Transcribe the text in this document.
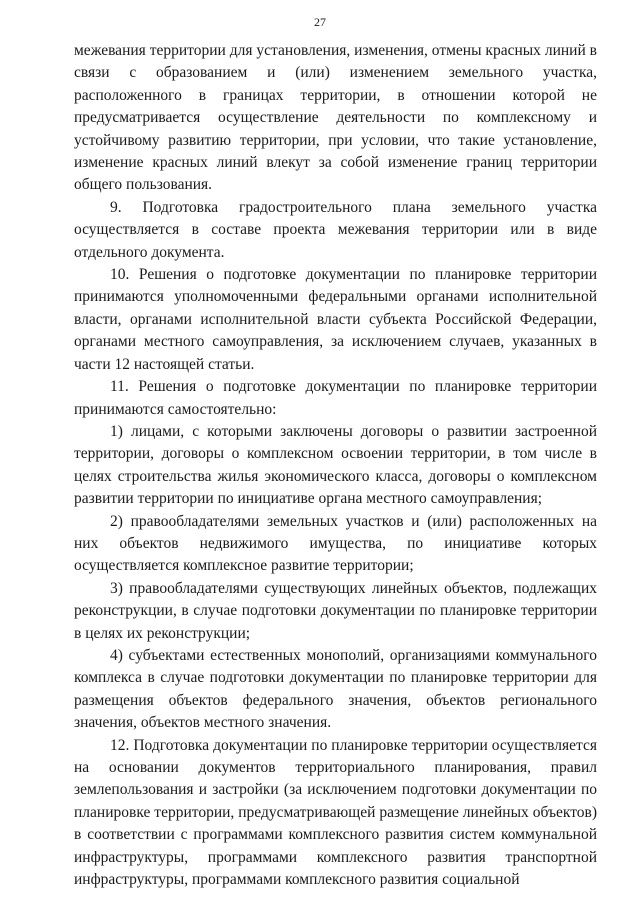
27

межевания территории для установления, изменения, отмены красных линий в связи с образованием и (или) изменением земельного участка, расположенного в границах территории, в отношении которой не предусматривается осуществление деятельности по комплексному и устойчивому развитию территории, при условии, что такие установление, изменение красных линий влекут за собой изменение границ территории общего пользования.

9. Подготовка градостроительного плана земельного участка осуществляется в составе проекта межевания территории или в виде отдельного документа.

10. Решения о подготовке документации по планировке территории принимаются уполномоченными федеральными органами исполнительной власти, органами исполнительной власти субъекта Российской Федерации, органами местного самоуправления, за исключением случаев, указанных в части 12 настоящей статьи.

11. Решения о подготовке документации по планировке территории принимаются самостоятельно:

1) лицами, с которыми заключены договоры о развитии застроенной территории, договоры о комплексном освоении территории, в том числе в целях строительства жилья экономического класса, договоры о комплексном развитии территории по инициативе органа местного самоуправления;

2) правообладателями земельных участков и (или) расположенных на них объектов недвижимого имущества, по инициативе которых осуществляется комплексное развитие территории;

3) правообладателями существующих линейных объектов, подлежащих реконструкции, в случае подготовки документации по планировке территории в целях их реконструкции;

4) субъектами естественных монополий, организациями коммунального комплекса в случае подготовки документации по планировке территории для размещения объектов федерального значения, объектов регионального значения, объектов местного значения.

12. Подготовка документации по планировке территории осуществляется на основании документов территориального планирования, правил землепользования и застройки (за исключением подготовки документации по планировке территории, предусматривающей размещение линейных объектов) в соответствии с программами комплексного развития систем коммунальной инфраструктуры, программами комплексного развития транспортной инфраструктуры, программами комплексного развития социальной
